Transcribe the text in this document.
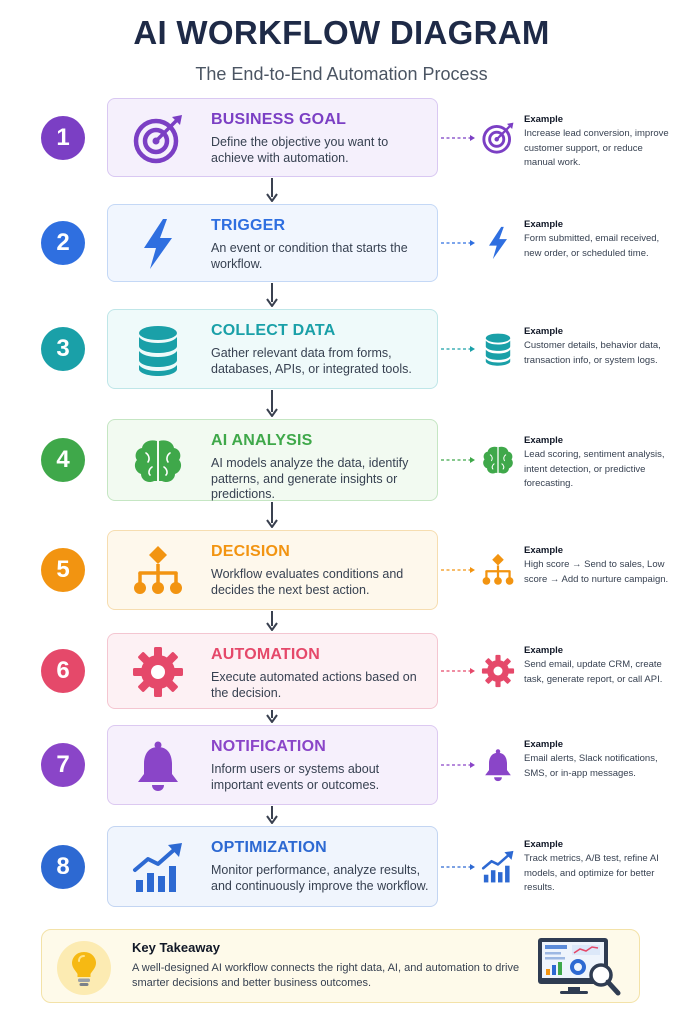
AI WORKFLOW DIAGRAM
The End-to-End Automation Process
1
BUSINESS GOAL
Define the objective you want to achieve with automation.
Example
Increase lead conversion, improve customer support, or reduce manual work.
2
TRIGGER
An event or condition that starts the workflow.
Example
Form submitted, email received, new order, or scheduled time.
3
COLLECT DATA
Gather relevant data from forms, databases, APIs, or integrated tools.
Example
Customer details, behavior data, transaction info, or system logs.
4
AI ANALYSIS
AI models analyze the data, identify patterns, and generate insights or predictions.
Example
Lead scoring, sentiment analysis, intent detection, or predictive forecasting.
5
DECISION
Workflow evaluates conditions and decides the next best action.
Example
High score → Send to sales, Low score → Add to nurture campaign.
6
AUTOMATION
Execute automated actions based on the decision.
Example
Send email, update CRM, create task, generate report, or call API.
7
NOTIFICATION
Inform users or systems about important events or outcomes.
Example
Email alerts, Slack notifications, SMS, or in-app messages.
8
OPTIMIZATION
Monitor performance, analyze results, and continuously improve the workflow.
Example
Track metrics, A/B test, refine AI models, and optimize for better results.
Key Takeaway
A well-designed AI workflow connects the right data, AI, and automation to drive smarter decisions and better business outcomes.
